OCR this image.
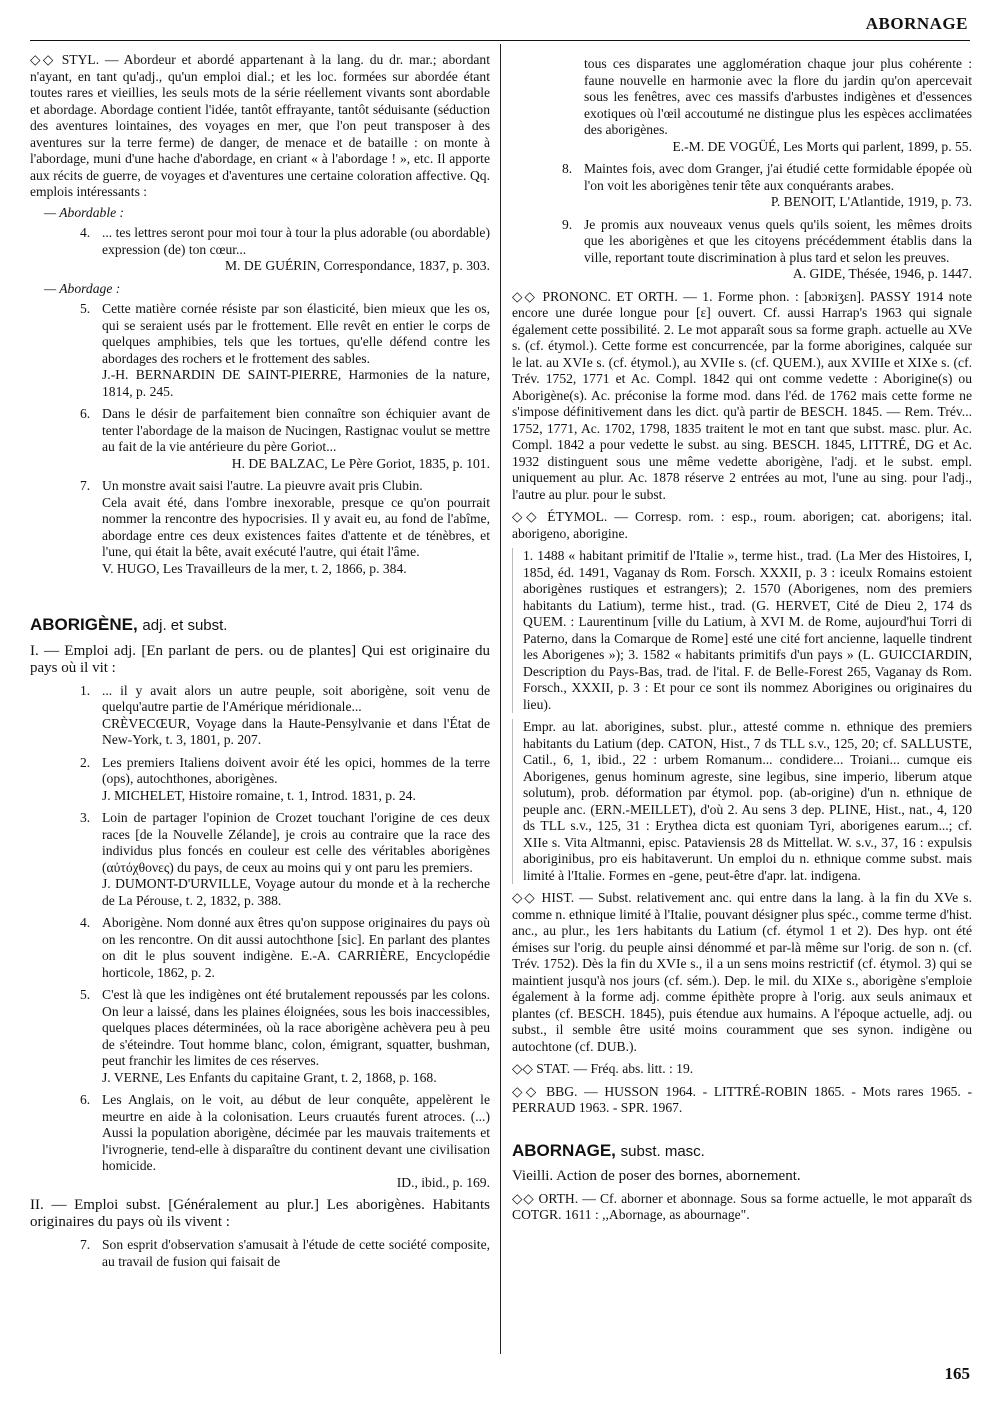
ABORNAGE

◇◇ STYL. — Abordeur et abordé appartenant à la lang. du dr. mar.; abordant n'ayant, en tant qu'adj., qu'un emploi dial.; et les loc. formées sur abordée étant toutes rares et vieillies, les seuls mots de la série réellement vivants sont abordable et abordage. Abordage contient l'idée, tantôt effrayante, tantôt séduisante (séduction des aventures lointaines, des voyages en mer, que l'on peut transposer à des aventures sur la terre ferme) de danger, de menace et de bataille : on monte à l'abordage, muni d'une hache d'abordage, en criant « à l'abordage ! », etc. Il apporte aux récits de guerre, de voyages et d'aventures une certaine coloration affective. Qq. emplois intéressants :

— Abordable :
4. ... tes lettres seront pour moi tour à tour la plus adorable (ou abordable) expression (de) ton cœur...
M. DE GUÉRIN, Correspondance, 1837, p. 303.
— Abordage :
5. Cette matière cornée résiste par son élasticité, bien mieux que les os, qui se seraient usés par le frottement. Elle revêt en entier le corps de quelques amphibies, tels que les tortues, qu'elle défend contre les abordages des rochers et le frottement des sables.
J.-H. BERNARDIN DE SAINT-PIERRE, Harmonies de la nature, 1814, p. 245.
6. Dans le désir de parfaitement bien connaître son échiquier avant de tenter l'abordage de la maison de Nucingen, Rastignac voulut se mettre au fait de la vie antérieure du père Goriot...
H. DE BALZAC, Le Père Goriot, 1835, p. 101.
7. Un monstre avait saisi l'autre. La pieuvre avait pris Clubin.
Cela avait été, dans l'ombre inexorable, presque ce qu'on pourrait nommer la rencontre des hypocrisies. Il y avait eu, au fond de l'abîme, abordage entre ces deux existences faites d'attente et de ténèbres, et l'une, qui était la bête, avait exécuté l'autre, qui était l'âme.
V. HUGO, Les Travailleurs de la mer, t. 2, 1866, p. 384.
ABORIGÈNE, adj. et subst.
I. — Emploi adj. [En parlant de pers. ou de plantes] Qui est originaire du pays où il vit :
1. ... il y avait alors un autre peuple, soit aborigène, soit venu de quelqu'autre partie de l'Amérique méridionale...
CRÈVECŒUR, Voyage dans la Haute-Pensylvanie et dans l'État de New-York, t. 3, 1801, p. 207.
2. Les premiers Italiens doivent avoir été les opici, hommes de la terre (ops), autochthones, aborigènes.
J. MICHELET, Histoire romaine, t. 1, Introd. 1831, p. 24.
3. Loin de partager l'opinion de Crozet touchant l'origine de ces deux races [de la Nouvelle Zélande], je crois au contraire que la race des individus plus foncés en couleur est celle des véritables aborigènes (αὐτόχθονες) du pays, de ceux au moins qui y ont paru les premiers.
J. DUMONT-D'URVILLE, Voyage autour du monde et à la recherche de La Pérouse, t. 2, 1832, p. 388.
4. Aborigène. Nom donné aux êtres qu'on suppose originaires du pays où on les rencontre. On dit aussi autochthone [sic]. En parlant des plantes on dit le plus souvent indigène. E.-A. CARRIÈRE, Encyclopédie horticole, 1862, p. 2.
5. C'est là que les indigènes ont été brutalement repoussés par les colons. On leur a laissé, dans les plaines éloignées, sous les bois inaccessibles, quelques places déterminées, où la race aborigène achèvera peu à peu de s'éteindre. Tout homme blanc, colon, émigrant, squatter, bushman, peut franchir les limites de ces réserves.
J. VERNE, Les Enfants du capitaine Grant, t. 2, 1868, p. 168.
6. Les Anglais, on le voit, au début de leur conquête, appelèrent le meurtre en aide à la colonisation. Leurs cruautés furent atroces. (...) Aussi la population aborigène, décimée par les mauvais traitements et l'ivrognerie, tend-elle à disparaître du continent devant une civilisation homicide.
ID., ibid., p. 169.
II. — Emploi subst. [Généralement au plur.] Les aborigènes. Habitants originaires du pays où ils vivent :
7. Son esprit d'observation s'amusait à l'étude de cette société composite, au travail de fusion qui faisait de
tous ces disparates une agglomération chaque jour plus cohérente : faune nouvelle en harmonie avec la flore du jardin qu'on apercevait sous les fenêtres, avec ces massifs d'arbustes indigènes et d'essences exotiques où l'œil accoutumé ne distingue plus les espèces acclimatées des aborigènes.
E.-M. DE VOGÜÉ, Les Morts qui parlent, 1899, p. 55.
8. Maintes fois, avec dom Granger, j'ai étudié cette formidable épopée où l'on voit les aborigènes tenir tête aux conquérants arabes.
P. BENOIT, L'Atlantide, 1919, p. 73.
9. Je promis aux nouveaux venus quels qu'ils soient, les mêmes droits que les aborigènes et que les citoyens précédemment établis dans la ville, reportant toute discrimination à plus tard et selon les preuves.
A. GIDE, Thésée, 1946, p. 1447.

◇◇ PRONONC. ET ORTH. — 1. Forme phon. : [abɔʀiʒɛn]. PASSY 1914 note encore une durée longue pour [ɛ] ouvert. Cf. aussi Harrap's 1963 qui signale également cette possibilité. 2. Le mot apparaît sous sa forme graph. actuelle au XVe s. (cf. étymol.). Cette forme est concurrencée, par la forme aborigines, calquée sur le lat. au XVIe s. (cf. étymol.), au XVIIe s. (cf. QUEM.), aux XVIIIe et XIXe s. (cf. Trév. 1752, 1771 et Ac. Compl. 1842 qui ont comme vedette : Aborigine(s) ou Aborigène(s). Ac. préconise la forme mod. dans l'éd. de 1762 mais cette forme ne s'impose définitivement dans les dict. qu'à partir de BESCH. 1845. — Rem. Trév... 1752, 1771, Ac. 1702, 1798, 1835 traitent le mot en tant que subst. masc. plur. Ac. Compl. 1842 a pour vedette le subst. au sing. BESCH. 1845, LITTRÉ, DG et Ac. 1932 distinguent sous une même vedette aborigène, l'adj. et le subst. empl. uniquement au plur. Ac. 1878 réserve 2 entrées au mot, l'une au sing. pour l'adj., l'autre au plur. pour le subst.

◇◇ ÉTYMOL. — Corresp. rom. : esp., roum. aborigen; cat. aborigens; ital. aborigeno, aborigine.

1. 1488 « habitant primitif de l'Italie », terme hist., trad. (La Mer des Histoires, I, 185d, éd. 1491, Vaganay ds Rom. Forsch. XXXII, p. 3 : iceulx Romains estoient aborigènes rustiques et estrangers); 2. 1570 (Aborigenes, nom des premiers habitants du Latium), terme hist., trad. (G. HERVET, Cité de Dieu 2, 174 ds QUEM. : Laurentinum [ville du Latium, à XVI M. de Rome, aujourd'hui Torri di Paterno, dans la Comarque de Rome] esté une cité fort ancienne, laquelle tindrent les Aborigenes »); 3. 1582 « habitants primitifs d'un pays » (L. GUICCIARDIN, Description du Pays-Bas, trad. de l'ital. F. de Belle-Forest 265, Vaganay ds Rom. Forsch., XXXII, p. 3 : Et pour ce sont ils nommez Aborigines ou originaires du lieu).

Empr. au lat. aborigines, subst. plur., attesté comme n. ethnique des premiers habitants du Latium (dep. CATON, Hist., 7 ds TLL s.v., 125, 20; cf. SALLUSTE, Catil., 6, 1, ibid., 22 : urbem Romanum... condidere... Troiani... cumque eis Aborigenes, genus hominum agreste, sine legibus, sine imperio, liberum atque solutum), prob. déformation par étymol. pop. (ab-origine) d'un n. ethnique de peuple anc. (ERN.-MEILLET), d'où 2. Au sens 3 dep. PLINE, Hist., nat., 4, 120 ds TLL s.v., 125, 31 : Erythea dicta est quoniam Tyri, aborigenes earum...; cf. XIIe s. Vita Altmanni, episc. Pataviensis 28 ds Mittellat. W. s.v., 37, 16 : expulsis aboriginibus, pro eis habitaverunt. Un emploi du n. ethnique comme subst. mais limité à l'Italie. Formes en -gene, peut-être d'apr. lat. indigena.

◇◇ HIST. — Subst. relativement anc. qui entre dans la lang. à la fin du XVe s. comme n. ethnique limité à l'Italie, pouvant désigner plus spéc., comme terme d'hist. anc., au plur., les 1ers habitants du Latium (cf. étymol 1 et 2). Des hyp. ont été émises sur l'orig. du peuple ainsi dénommé et par-là même sur l'orig. de son n. (cf. Trév. 1752). Dès la fin du XVIe s., il a un sens moins restrictif (cf. étymol. 3) qui se maintient jusqu'à nos jours (cf. sém.). Dep. le mil. du XIXe s., aborigène s'emploie également à la forme adj. comme épithète propre à l'orig. aux seuls animaux et plantes (cf. BESCH. 1845), puis étendue aux humains. A l'époque actuelle, adj. ou subst., il semble être usité moins couramment que ses synon. indigène ou autochtone (cf. DUB.).

◇◇ STAT. — Fréq. abs. litt. : 19.

◇◇ BBG. — HUSSON 1964. - LITTRÉ-ROBIN 1865. - Mots rares 1965. - PERRAUD 1963. - SPR. 1967.

ABORNAGE, subst. masc.
Vieilli. Action de poser des bornes, abornement.

◇◇ ORTH. — Cf. aborner et abonnage. Sous sa forme actuelle, le mot apparaît ds COTGR. 1611 : ,,Abornage, as abournage".

165
